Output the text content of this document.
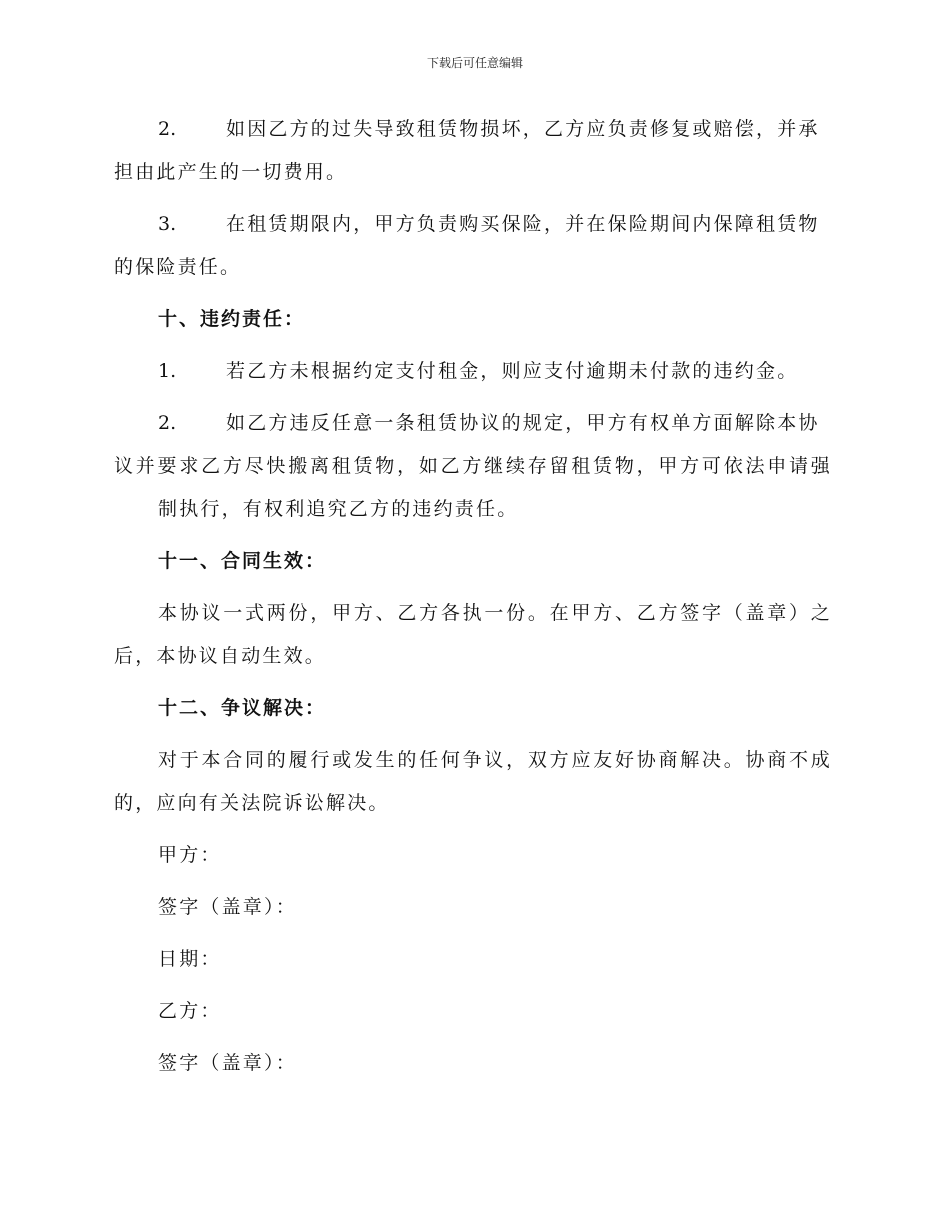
下载后可任意编辑
2.	如因乙方的过失导致租赁物损坏，乙方应负责修复或赔偿，并承
担由此产生的一切费用。
3.	在租赁期限内，甲方负责购买保险，并在保险期间内保障租赁物
的保险责任。
十、违约责任：
1.	若乙方未根据约定支付租金，则应支付逾期未付款的违约金。
2.	如乙方违反任意一条租赁协议的规定，甲方有权单方面解除本协
议并要求乙方尽快搬离租赁物，如乙方继续存留租赁物，甲方可依法申请强制执行，有权利追究乙方的违约责任。
十一、合同生效：
本协议一式两份，甲方、乙方各执一份。在甲方、乙方签字（盖章）之后，本协议自动生效。
十二、争议解决：
对于本合同的履行或发生的任何争议，双方应友好协商解决。协商不成的，应向有关法院诉讼解决。
甲方：
签字（盖章）：
日期：
乙方：
签字（盖章）：
